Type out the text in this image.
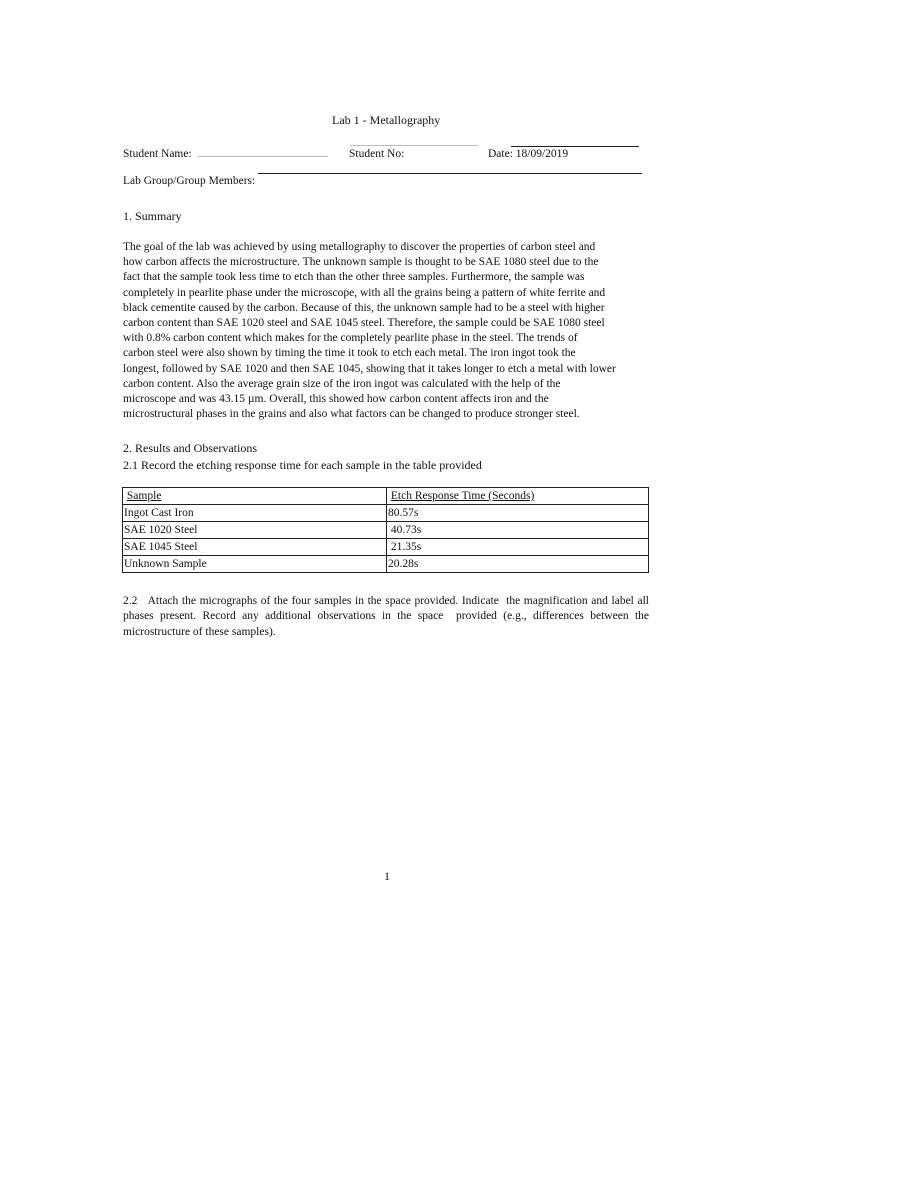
Lab 1 - Metallography
Student Name:	Student No:	Date: 18/09/2019
Lab Group/Group Members:
1. Summary
The goal of the lab was achieved by using metallography to discover the properties of carbon steel and
how carbon affects the microstructure. The unknown sample is thought to be SAE 1080 steel due to the
fact that the sample took less time to etch than the other three samples. Furthermore, the sample was
completely in pearlite phase under the microscope, with all the grains being a pattern of white ferrite and
black cementite caused by the carbon. Because of this, the unknown sample had to be a steel with higher
carbon content than SAE 1020 steel and SAE 1045 steel. Therefore, the sample could be SAE 1080 steel
with 0.8% carbon content which makes for the completely pearlite phase in the steel. The trends of
carbon steel were also shown by timing the time it took to etch each metal. The iron ingot took the
longest, followed by SAE 1020 and then SAE 1045, showing that it takes longer to etch a metal with lower
carbon content. Also the average grain size of the iron ingot was calculated with the help of the
microscope and was 43.15 µm. Overall, this showed how carbon content affects iron and the
microstructural phases in the grains and also what factors can be changed to produce stronger steel.
2. Results and Observations
2.1 Record the etching response time for each sample in the table provided
Sample	Etch Response Time (Seconds)
Ingot Cast Iron	80.57s
SAE 1020 Steel	40.73s
SAE 1045 Steel	21.35s
Unknown Sample	20.28s
2.2   Attach the micrographs of the four samples in the space provided. Indicate  the magnification and label all phases present. Record any additional observations in the space  provided (e.g., differences between the microstructure of these samples).
1
